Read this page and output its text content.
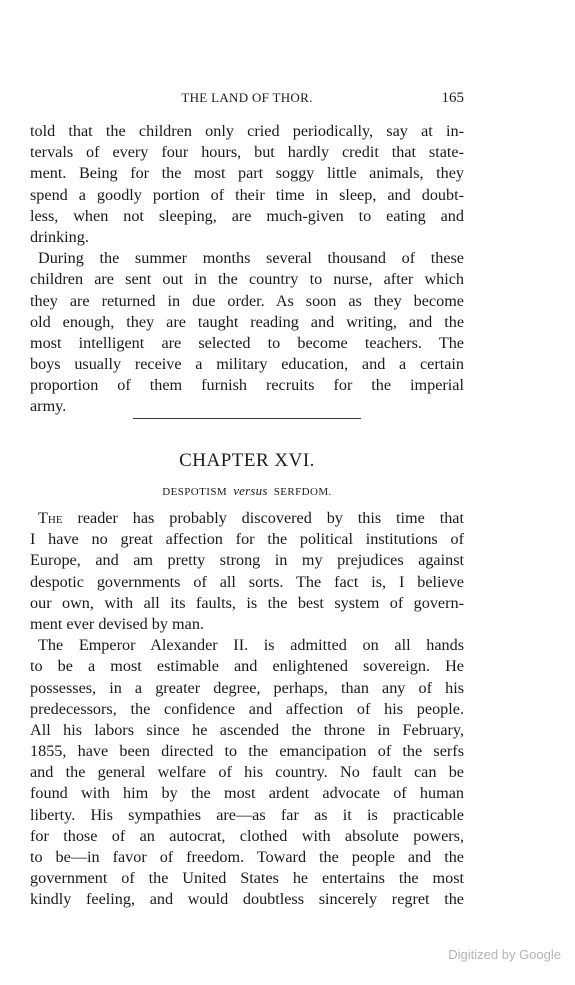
THE LAND OF THOR.	165
told that the children only cried periodically, say at in-
tervals of every four hours, but hardly credit that state-
ment. Being for the most part soggy little animals, they
spend a goodly portion of their time in sleep, and doubt-
less, when not sleeping, are much-given to eating and
drinking.
During the summer months several thousand of these
children are sent out in the country to nurse, after which
they are returned in due order. As soon as they become
old enough, they are taught reading and writing, and the
most intelligent are selected to become teachers. The
boys usually receive a military education, and a certain
proportion of them furnish recruits for the imperial
army.
CHAPTER XVI.
DESPOTISM versus SERFDOM.
The reader has probably discovered by this time that
I have no great affection for the political institutions of
Europe, and am pretty strong in my prejudices against
despotic governments of all sorts. The fact is, I believe
our own, with all its faults, is the best system of govern-
ment ever devised by man.
The Emperor Alexander II. is admitted on all hands
to be a most estimable and enlightened sovereign. He
possesses, in a greater degree, perhaps, than any of his
predecessors, the confidence and affection of his people.
All his labors since he ascended the throne in February,
1855, have been directed to the emancipation of the serfs
and the general welfare of his country. No fault can be
found with him by the most ardent advocate of human
liberty. His sympathies are—as far as it is practicable
for those of an autocrat, clothed with absolute powers,
to be—in favor of freedom. Toward the people and the
government of the United States he entertains the most
kindly feeling, and would doubtless sincerely regret the
Digitized by Google
